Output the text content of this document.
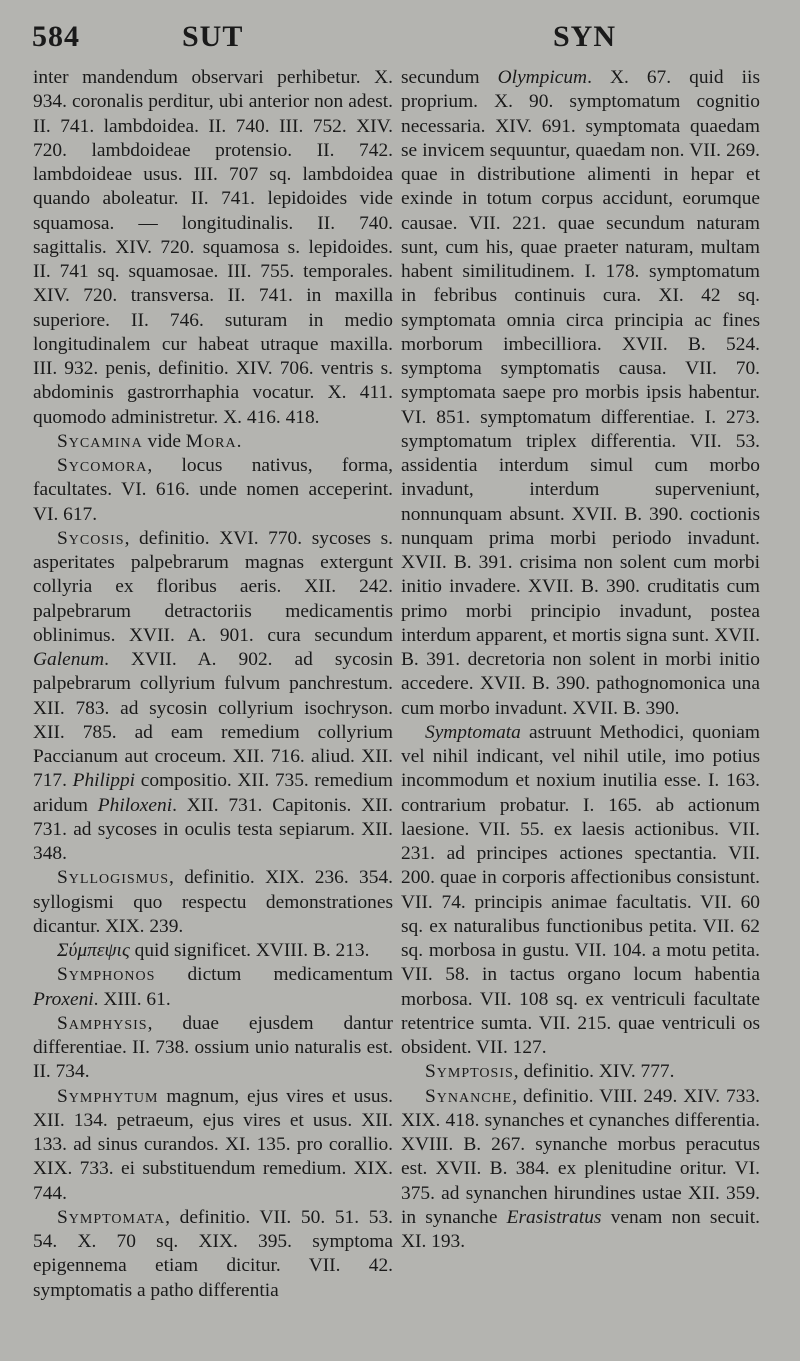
584	SUT	SYN

inter mandendum observari perhibetur. X. 934. coronalis perditur, ubi anterior non adest. II. 741. lambdoidea. II. 740. III. 752. XIV. 720. lambdoideae protensio. II. 742. lambdoideae usus. III. 707 sq. lambdoidea quando aboleatur. II. 741. lepidoides vide squamosa. — longitudinalis. II. 740. sagittalis. XIV. 720. squamosa s. lepidoides. II. 741 sq. squamosae. III. 755. temporales. XIV. 720. transversa. II. 741. in maxilla superiore. II. 746. suturam in medio longitudinalem cur habeat utraque maxilla. III. 932. penis, definitio. XIV. 706. ventris s. abdominis gastrorrhaphia vocatur. X. 411. quomodo administretur. X. 416. 418.

Sycamina vide Mora.

Sycomora, locus nativus, forma, facultates. VI. 616. unde nomen acceperint. VI. 617.

Sycosis, definitio. XVI. 770. sycoses s. asperitates palpebrarum magnas extergunt collyria ex floribus aeris. XII. 242. palpebrarum detractoriis medicamentis oblinimus. XVII. A. 901. cura secundum Galenum. XVII. A. 902. ad sycosin palpebrarum collyrium fulvum panchrestum. XII. 783. ad sycosin collyrium isochryson. XII. 785. ad eam remedium collyrium Paccianum aut croceum. XII. 716. aliud. XII. 717. Philippi compositio. XII. 735. remedium aridum Philoxeni. XII. 731. Capitonis. XII. 731. ad sycoses in oculis testa sepiarum. XII. 348.

Syllogismus, definitio. XIX. 236. 354. syllogismi quo respectu demonstrationes dicantur. XIX. 239.

Σύμπεψις quid significet. XVIII. B. 213.

Symphonos dictum medicamentum Proxeni. XIII. 61.

Samphysis, duae ejusdem dantur differentiae. II. 738. ossium unio naturalis est. II. 734.

Symphytum magnum, ejus vires et usus. XII. 134. petraeum, ejus vires et usus. XII. 133. ad sinus curandos. XI. 135. pro corallio. XIX. 733. ei substituendum remedium. XIX. 744.

Symptomata, definitio. VII. 50. 51. 53. 54. X. 70 sq. XIX. 395. symptoma epigennema etiam dicitur. VII. 42. symptomatis a patho differentia

secundum Olympicum. X. 67. quid iis proprium. X. 90. symptomatum cognitio necessaria. XIV. 691. symptomata quaedam se invicem sequuntur, quaedam non. VII. 269. quae in distributione alimenti in hepar et exinde in totum corpus accidunt, eorumque causae. VII. 221. quae secundum naturam sunt, cum his, quae praeter naturam, multam habent similitudinem. I. 178. symptomatum in febribus continuis cura. XI. 42 sq. symptomata omnia circa principia ac fines morborum imbecilliora. XVII. B. 524. symptoma symptomatis causa. VII. 70. symptomata saepe pro morbis ipsis habentur. VI. 851. symptomatum differentiae. I. 273. symptomatum triplex differentia. VII. 53. assidentia interdum simul cum morbo invadunt, interdum superveniunt, nonnunquam absunt. XVII. B. 390. coctionis nunquam prima morbi periodo invadunt. XVII. B. 391. crisima non solent cum morbi initio invadere. XVII. B. 390. cruditatis cum primo morbi principio invadunt, postea interdum apparent, et mortis signa sunt. XVII. B. 391. decretoria non solent in morbi initio accedere. XVII. B. 390. pathognomonica una cum morbo invadunt. XVII. B. 390.

Symptomata astruunt Methodici, quoniam vel nihil indicant, vel nihil utile, imo potius incommodum et noxium inutilia esse. I. 163. contrarium probatur. I. 165. ab actionum laesione. VII. 55. ex laesis actionibus. VII. 231. ad principes actiones spectantia. VII. 200. quae in corporis affectionibus consistunt. VII. 74. principis animae facultatis. VII. 60 sq. ex naturalibus functionibus petita. VII. 62 sq. morbosa in gustu. VII. 104. a motu petita. VII. 58. in tactus organo locum habentia morbosa. VII. 108 sq. ex ventriculi facultate retentrice sumta. VII. 215. quae ventriculi os obsident. VII. 127.

Symptosis, definitio. XIV. 777.

Synanche, definitio. VIII. 249. XIV. 733. XIX. 418. synanches et cynanches differentia. XVIII. B. 267. synanche morbus peracutus est. XVII. B. 384. ex plenitudine oritur. VI. 375. ad synanchen hirundines ustae XII. 359. in synanche Erasistratus venam non secuit. XI. 193.
